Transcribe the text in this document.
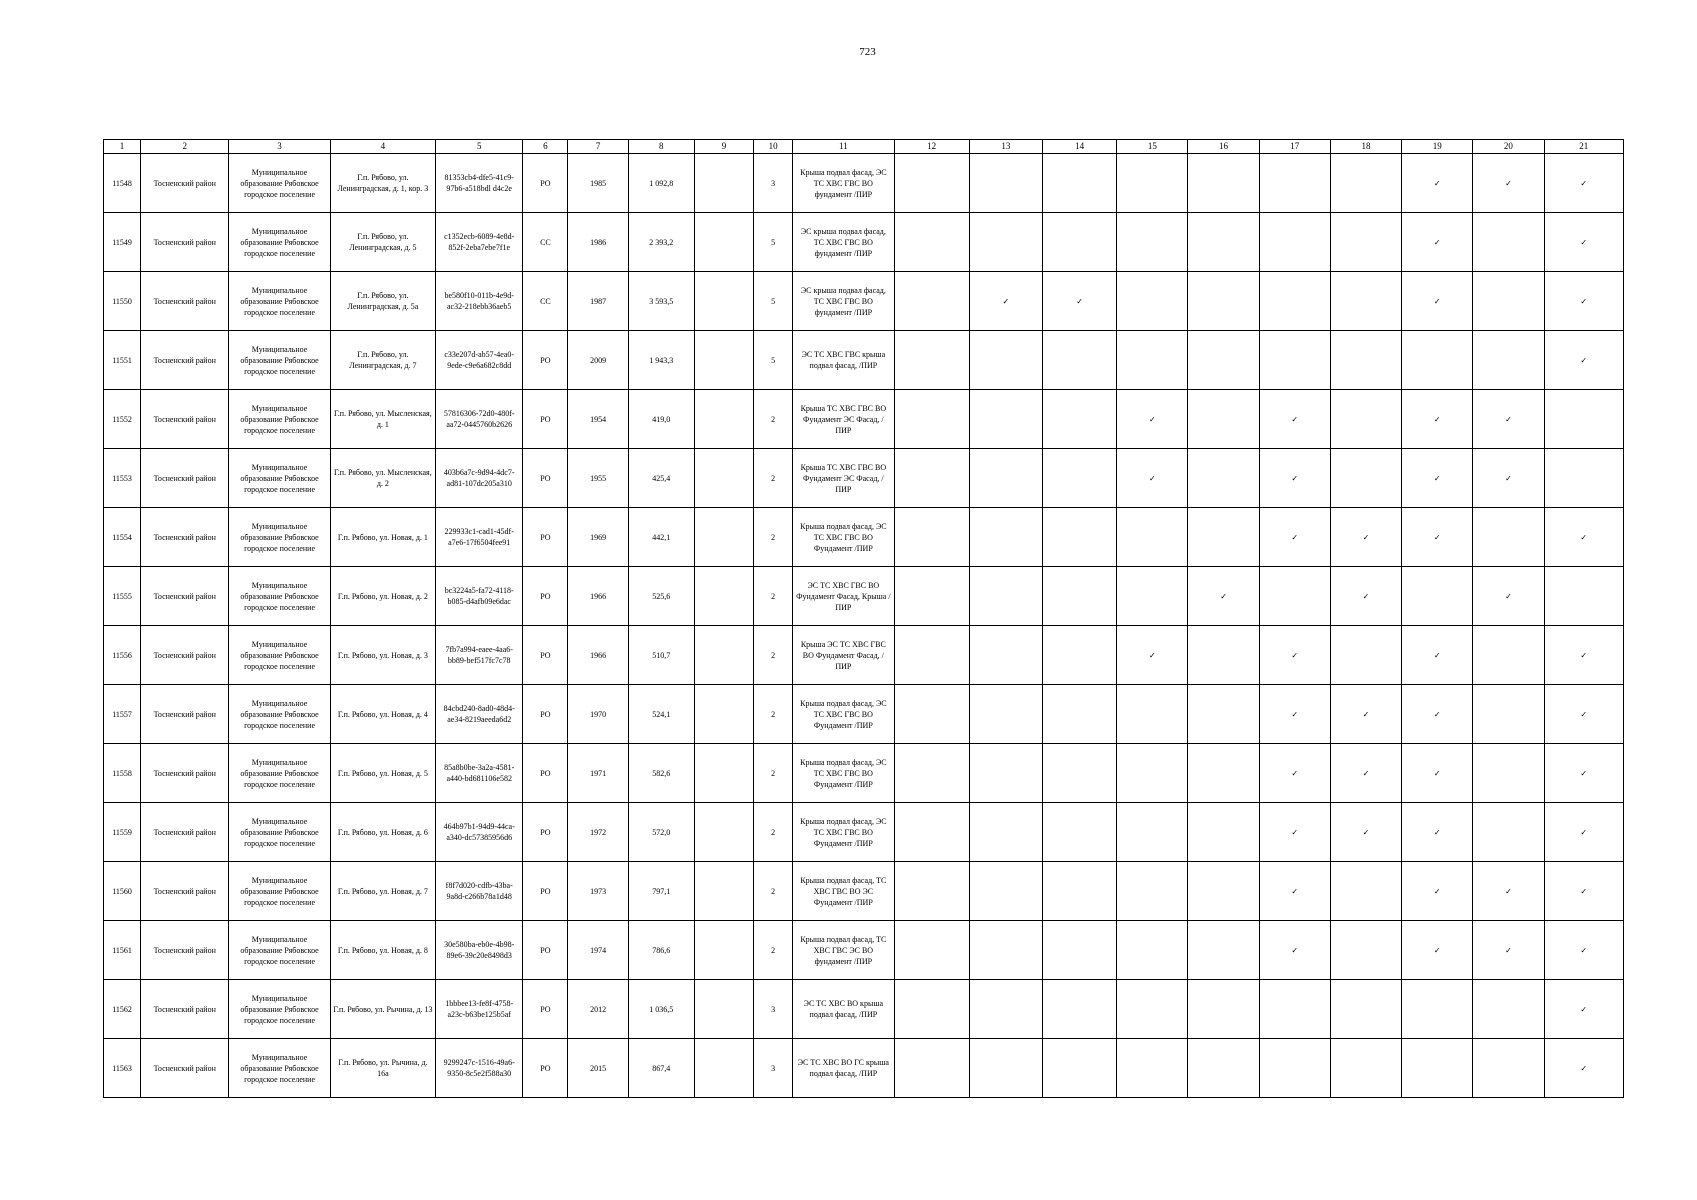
723
1	2	3	4	5	6	7	8	9	10	11	12	13	14	15	16	17	18	19	20	21
11548	Тосненский район	Муниципальное образование Рябовское городское поселение	Г.п. Рябово, ул. Ленинградская, д. 1, кор. 3	81353cb4-dfe5-41c9-97b6-a518bdl d4c2e	РО	1985	1 092,8		3	Крыша подвал фасад, ЭС ТС ХВС ГВС ВО фундамент /ПИР								✓	✓	✓
11549	Тосненский район	Муниципальное образование Рябовское городское поселение	Г.п. Рябово, ул. Ленинградская, д. 5	c1352ecb-6089-4e8d-852f-2eba7ebe7f1e	СС	1986	2 393,2		5	ЭС крыша подвал фасад, ТС ХВС ГВС ВО фундамент /ПИР								✓		✓
11550	Тосненский район	Муниципальное образование Рябовское городское поселение	Г.п. Рябово, ул. Ленинградская, д. 5а	be580f10-011b-4e9d-ac32-218ebb36aeb5	СС	1987	3 593,5		5	ЭС крыша подвал фасад, ТС ХВС ГВС ВО фундамент /ПИР		✓	✓					✓		✓
11551	Тосненский район	Муниципальное образование Рябовское городское поселение	Г.п. Рябово, ул. Ленинградская, д. 7	c33e207d-ab57-4ea0-9ede-c9e6a682c8dd	РО	2009	1 943,3		5	ЭС ТС ХВС ГВС крыша подвал фасад, /ПИР										✓
11552	Тосненский район	Муниципальное образование Рябовское городское поселение	Г.п. Рябово, ул. Мысленская, д. 1	57816306-72d0-480f-aa72-0445760b2626	РО	1954	419,0		2	Крыша ТС ХВС ГВС ВО Фундамент ЭС Фасад, /ПИР				✓		✓		✓	✓	
11553	Тосненский район	Муниципальное образование Рябовское городское поселение	Г.п. Рябово, ул. Мысленская, д. 2	403b6a7c-9d94-4dc7-ad81-107dc205a310	РО	1955	425,4		2	Крыша ТС ХВС ГВС ВО Фундамент ЭС Фасад, /ПИР				✓		✓		✓	✓	
11554	Тосненский район	Муниципальное образование Рябовское городское поселение	Г.п. Рябово, ул. Новая, д. 1	229933c1-cad1-45df-a7e6-17f6504fee91	РО	1969	442,1		2	Крыша подвал фасад, ЭС ТС ХВС ГВС ВО Фундамент /ПИР						✓	✓	✓		✓
11555	Тосненский район	Муниципальное образование Рябовское городское поселение	Г.п. Рябово, ул. Новая, д. 2	bc3224a5-fa72-4118-b085-d4afb09e6dac	РО	1966	525,6		2	ЭС ТС ХВС ГВС ВО Фундамент Фасад, Крыша /ПИР					✓		✓		✓	
11556	Тосненский район	Муниципальное образование Рябовское городское поселение	Г.п. Рябово, ул. Новая, д. 3	7fb7a994-eaee-4aa6-bb89-bef517fc7c78	РО	1966	510,7		2	Крыша ЭС ТС ХВС ГВС ВО Фундамент Фасад, /ПИР				✓		✓		✓		✓
11557	Тосненский район	Муниципальное образование Рябовское городское поселение	Г.п. Рябово, ул. Новая, д. 4	84cbd240-8ad0-48d4-ae34-8219aeeda6d2	РО	1970	524,1		2	Крыша подвал фасад, ЭС ТС ХВС ГВС ВО Фундамент /ПИР						✓	✓	✓		✓
11558	Тосненский район	Муниципальное образование Рябовское городское поселение	Г.п. Рябово, ул. Новая, д. 5	85a8b0be-3a2a-4581-a440-bd681106e582	РО	1971	582,6		2	Крыша подвал фасад, ЭС ТС ХВС ГВС ВО Фундамент /ПИР						✓	✓	✓		✓
11559	Тосненский район	Муниципальное образование Рябовское городское поселение	Г.п. Рябово, ул. Новая, д. 6	464b97b1-94d9-44ca-a340-dc57385956d6	РО	1972	572,0		2	Крыша подвал фасад, ЭС ТС ХВС ГВС ВО Фундамент /ПИР						✓	✓	✓		✓
11560	Тосненский район	Муниципальное образование Рябовское городское поселение	Г.п. Рябово, ул. Новая, д. 7	f8f7d020-cdfb-43ba-9a8d-c266b78a1d48	РО	1973	797,1		2	Крыша подвал фасад, ТС ХВС ГВС ВО ЭС Фундамент /ПИР						✓		✓	✓	✓
11561	Тосненский район	Муниципальное образование Рябовское городское поселение	Г.п. Рябово, ул. Новая, д. 8	30e580ba-eb0e-4b98-89e6-39c20e8498d3	РО	1974	786,6		2	Крыша подвал фасад, ТС ХВС ГВС ЭС ВО фундамент /ПИР						✓		✓	✓	✓
11562	Тосненский район	Муниципальное образование Рябовское городское поселение	Г.п. Рябово, ул. Рычина, д. 13	1bbbee13-fe8f-4758-a23c-b63be125b5af	РО	2012	1 036,5		3	ЭС ТС ХВС ВО крыша подвал фасад, /ПИР										✓
11563	Тосненский район	Муниципальное образование Рябовское городское поселение	Г.п. Рябово, ул. Рычина, д. 16а	9299247c-1516-49a6-9350-8c5e2f588a30	РО	2015	867,4		3	ЭС ТС ХВС ВО ГС крыша подвал фасад, /ПИР										✓
